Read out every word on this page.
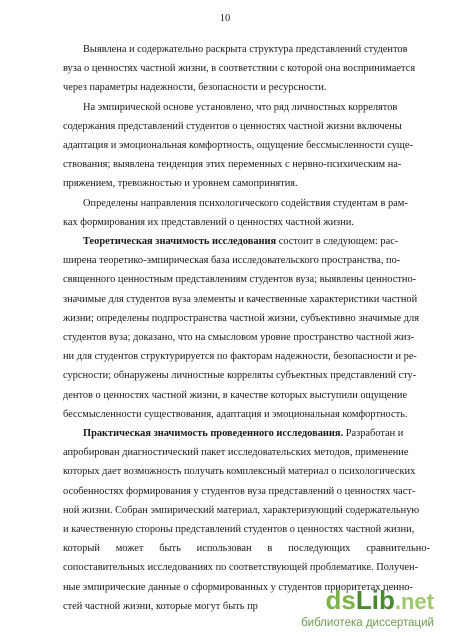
10
Выявлена и содержательно раскрыта структура представлений студентов
вуза о ценностях частной жизни, в соответствии с которой она воспринимается
через параметры надежности, безопасности и ресурсности.
На эмпирической основе установлено, что ряд личностных коррелятов
содержания представлений студентов о ценностях частной жизни включены
адаптация и эмоциональная комфортность, ощущение бессмысленности суще-
ствования; выявлена тенденция этих переменных с нервно-психическим на-
пряжением, тревожностью и уровнем самопринятия.
Определены направления психологического содействия студентам в рам-
ках формирования их представлений о ценностях частной жизни.
Теоретическая значимость исследования состоит в следующем: рас-
ширена теоретико-эмпирическая база исследовательского пространства, по-
священного ценностным представлениям студентов вуза; выявлены ценностно-
значимые для студентов вуза элементы и качественные характеристики частной
жизни; определены подпространства частной жизни, субъективно значимые для
студентов вуза; доказано, что на смысловом уровне пространство частной жиз-
ни для студентов структурируется по факторам надежности, безопасности и ре-
сурсности; обнаружены личностные корреляты субъектных представлений сту-
дентов о ценностях частной жизни, в качестве которых выступили ощущение
бессмысленности существования, адаптация и эмоциональная комфортность.
Практическая значимость проведенного исследования. Разработан и
апробирован диагностический пакет исследовательских методов, применение
которых дает возможность получать комплексный материал о психологических
особенностях формирования у студентов вуза представлений о ценностях част-
ной жизни. Собран эмпирический материал, характеризующий содержательную
и качественную стороны представлений студентов о ценностях частной жизни,
который может быть использован в последующих сравнительно-
сопоставительных исследованиях по соответствующей проблематике. Получен-
ные эмпирические данные о сформированных у студентов приоритетах ценно-
стей частной жизни, которые могут быть пр	dsLib.net
библиотека диссертаций
